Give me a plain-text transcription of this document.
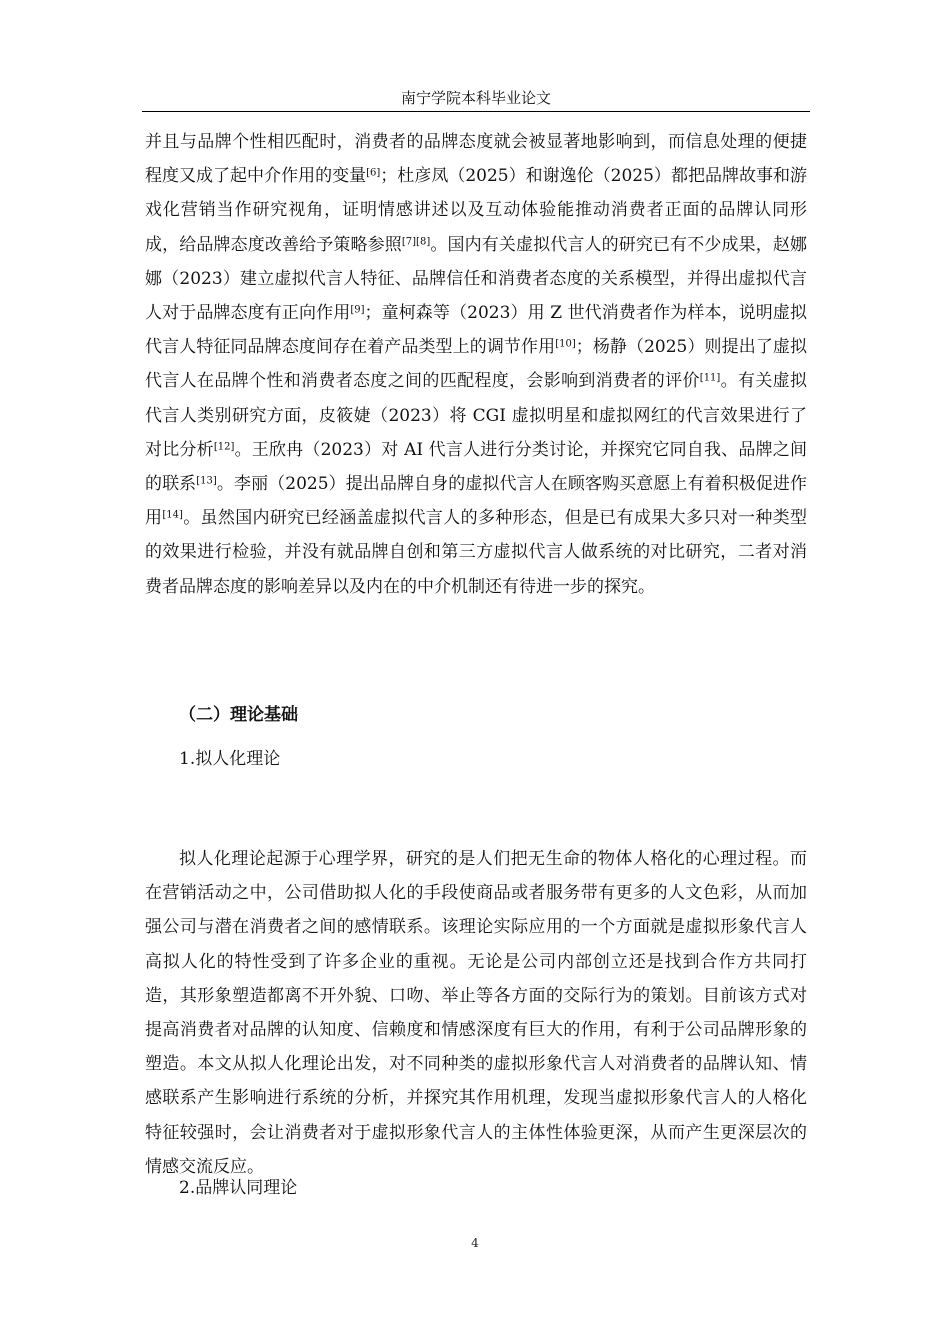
南宁学院本科毕业论文

并且与品牌个性相匹配时，消费者的品牌态度就会被显著地影响到，而信息处理的便捷程度又成了起中介作用的变量[6]；杜彦凤（2025）和谢逸伦（2025）都把品牌故事和游戏化营销当作研究视角，证明情感讲述以及互动体验能推动消费者正面的品牌认同形成，给品牌态度改善给予策略参照[7][8]。国内有关虚拟代言人的研究已有不少成果，赵娜娜（2023）建立虚拟代言人特征、品牌信任和消费者态度的关系模型，并得出虚拟代言人对于品牌态度有正向作用[9]；童柯森等（2023）用 Z 世代消费者作为样本，说明虚拟代言人特征同品牌态度间存在着产品类型上的调节作用[10]；杨静（2025）则提出了虚拟代言人在品牌个性和消费者态度之间的匹配程度，会影响到消费者的评价[11]。有关虚拟代言人类别研究方面，皮筱婕（2023）将 CGI 虚拟明星和虚拟网红的代言效果进行了对比分析[12]。王欣冉（2023）对 AI 代言人进行分类讨论，并探究它同自我、品牌之间的联系[13]。李丽（2025）提出品牌自身的虚拟代言人在顾客购买意愿上有着积极促进作用[14]。虽然国内研究已经涵盖虚拟代言人的多种形态，但是已有成果大多只对一种类型的效果进行检验，并没有就品牌自创和第三方虚拟代言人做系统的对比研究，二者对消费者品牌态度的影响差异以及内在的中介机制还有待进一步的探究。

（二）理论基础
1.拟人化理论

拟人化理论起源于心理学界，研究的是人们把无生命的物体人格化的心理过程。而在营销活动之中，公司借助拟人化的手段使商品或者服务带有更多的人文色彩，从而加强公司与潜在消费者之间的感情联系。该理论实际应用的一个方面就是虚拟形象代言人高拟人化的特性受到了许多企业的重视。无论是公司内部创立还是找到合作方共同打造，其形象塑造都离不开外貌、口吻、举止等各方面的交际行为的策划。目前该方式对提高消费者对品牌的认知度、信赖度和情感深度有巨大的作用，有利于公司品牌形象的塑造。本文从拟人化理论出发，对不同种类的虚拟形象代言人对消费者的品牌认知、情感联系产生影响进行系统的分析，并探究其作用机理，发现当虚拟形象代言人的人格化特征较强时，会让消费者对于虚拟形象代言人的主体性体验更深，从而产生更深层次的情感交流反应。

2.品牌认同理论
4
